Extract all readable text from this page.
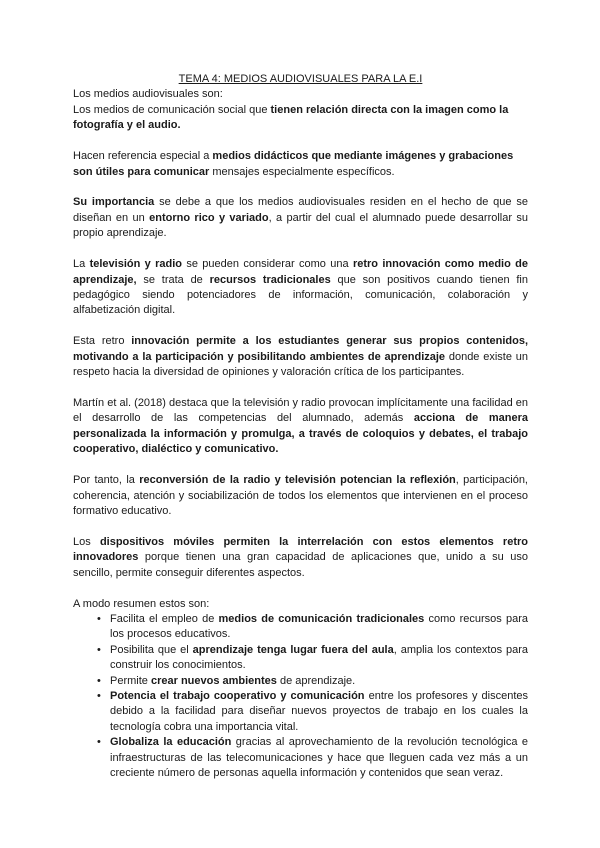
TEMA 4: MEDIOS AUDIOVISUALES PARA LA E.I

Los medios audiovisuales son:

Los medios de comunicación social que tienen relación directa con la imagen como la fotografía y el audio.

Hacen referencia especial a medios didácticos que mediante imágenes y grabaciones son útiles para comunicar mensajes especialmente específicos.

Su importancia se debe a que los medios audiovisuales residen en el hecho de que se diseñan en un entorno rico y variado, a partir del cual el alumnado puede desarrollar su propio aprendizaje.

La televisión y radio se pueden considerar como una retro innovación como medio de aprendizaje, se trata de recursos tradicionales que son positivos cuando tienen fin pedagógico siendo potenciadores de información, comunicación, colaboración y alfabetización digital.

Esta retro innovación permite a los estudiantes generar sus propios contenidos, motivando a la participación y posibilitando ambientes de aprendizaje donde existe un respeto hacia la diversidad de opiniones y valoración crítica de los participantes.

Martín et al. (2018) destaca que la televisión y radio provocan implícitamente una facilidad en el desarrollo de las competencias del alumnado, además acciona de manera personalizada la información y promulga, a través de coloquios y debates, el trabajo cooperativo, dialéctico y comunicativo.

Por tanto, la reconversión de la radio y televisión potencian la reflexión, participación, coherencia, atención y sociabilización de todos los elementos que intervienen en el proceso formativo educativo.

Los dispositivos móviles permiten la interrelación con estos elementos retro innovadores porque tienen una gran capacidad de aplicaciones que, unido a su uso sencillo, permite conseguir diferentes aspectos.

A modo resumen estos son:

• Facilita el empleo de medios de comunicación tradicionales como recursos para los procesos educativos.
• Posibilita que el aprendizaje tenga lugar fuera del aula, amplia los contextos para construir los conocimientos.
• Permite crear nuevos ambientes de aprendizaje.
• Potencia el trabajo cooperativo y comunicación entre los profesores y discentes debido a la facilidad para diseñar nuevos proyectos de trabajo en los cuales la tecnología cobra una importancia vital.
• Globaliza la educación gracias al aprovechamiento de la revolución tecnológica e infraestructuras de las telecomunicaciones y hace que lleguen cada vez más a un creciente número de personas aquella información y contenidos que sean veraz.
